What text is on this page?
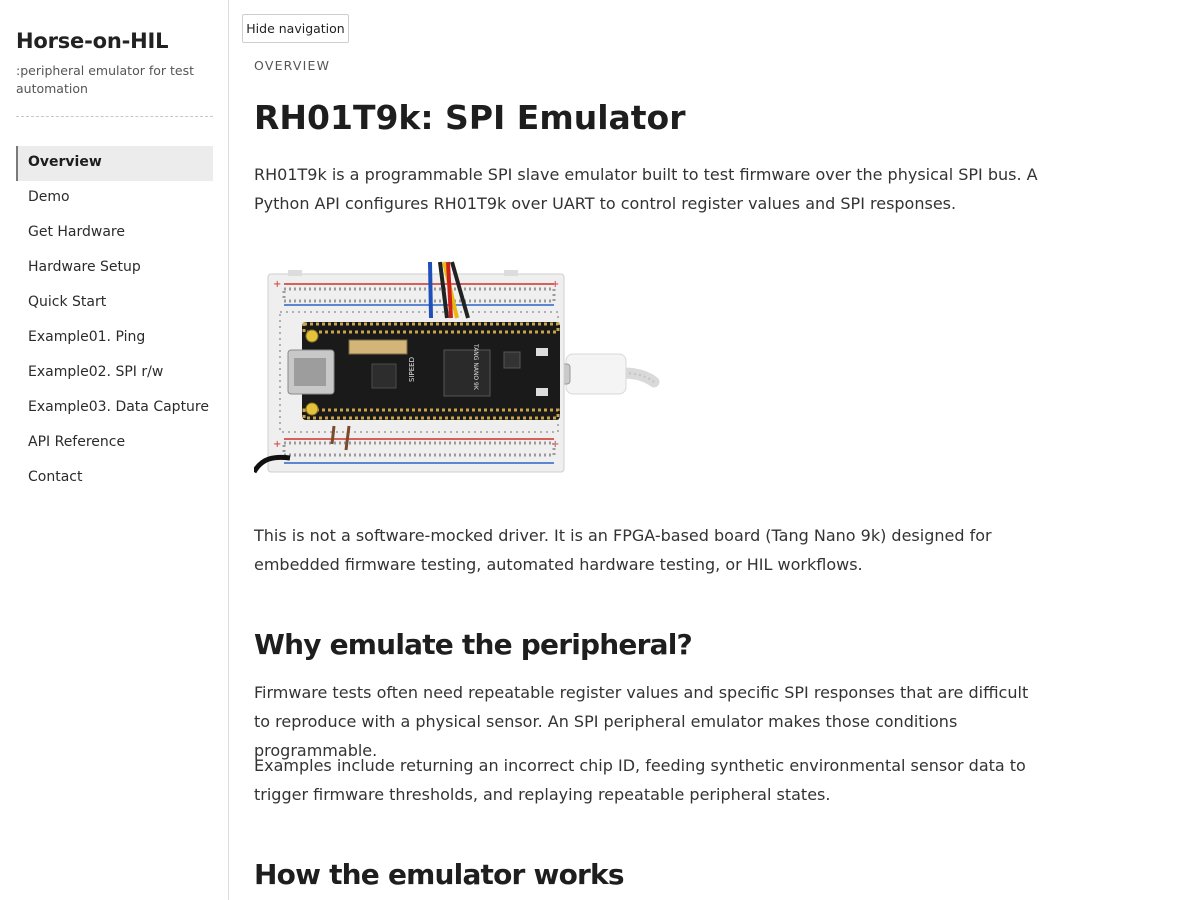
Horse-on-HIL
:peripheral emulator for test automation
Overview
Demo
Get Hardware
Hardware Setup
Quick Start
Example01. Ping
Example02. SPI r/w
Example03. Data Capture
API Reference
Contact
Hide navigation
OVERVIEW
RH01T9k: SPI Emulator

RH01T9k is a programmable SPI slave emulator built to test firmware over the physical SPI bus. A Python API configures RH01T9k over UART to control register values and SPI responses.

+	+
+	+
SIPEED	TANG NANO 9K

This is not a software-mocked driver. It is an FPGA-based board (Tang Nano 9k) designed for embedded firmware testing, automated hardware testing, or HIL workflows.

Why emulate the peripheral?

Firmware tests often need repeatable register values and specific SPI responses that are difficult to reproduce with a physical sensor. An SPI peripheral emulator makes those conditions programmable.

Examples include returning an incorrect chip ID, feeding synthetic environmental sensor data to trigger firmware thresholds, and replaying repeatable peripheral states.

How the emulator works
